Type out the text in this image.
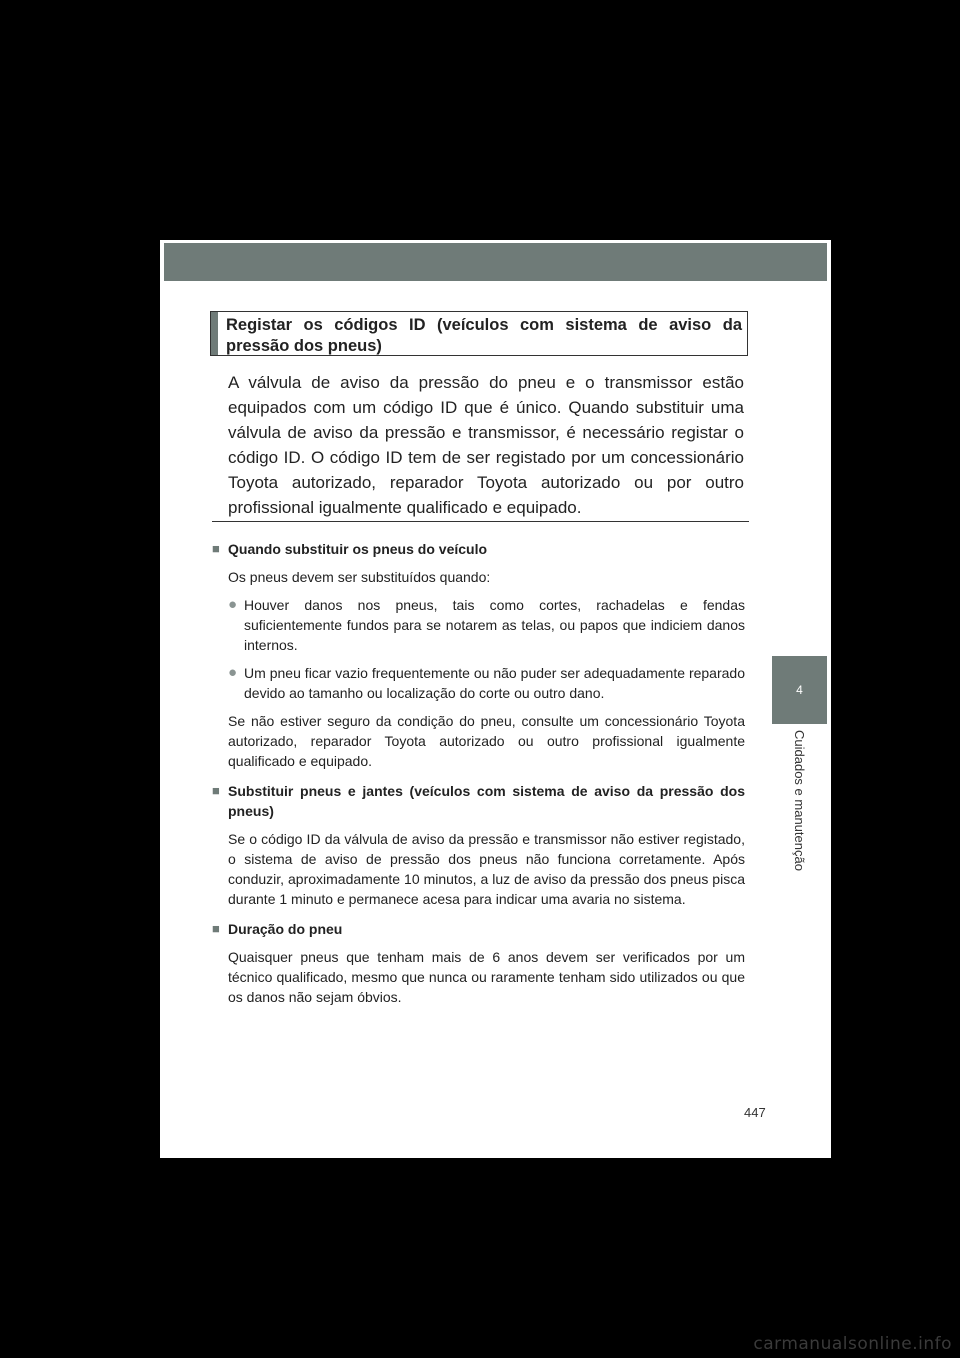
4
Cuidados e manutenção
Registar os códigos ID (veículos com sistema de aviso da pressão dos pneus)
A válvula de aviso da pressão do pneu e o transmissor estão equipados com um código ID que é único. Quando substituir uma válvula de aviso da pressão e transmissor, é necessário registar o código ID. O código ID tem de ser registado por um concessionário Toyota autorizado, reparador Toyota autorizado ou por outro profissional igualmente qualificado e equipado.
■ Quando substituir os pneus do veículo

Os pneus devem ser substituídos quando:

● Houver danos nos pneus, tais como cortes, rachadelas e fendas suficientemente fundos para se notarem as telas, ou papos que indiciem danos internos.
● Um pneu ficar vazio frequentemente ou não puder ser adequadamente reparado devido ao tamanho ou localização do corte ou outro dano.

Se não estiver seguro da condição do pneu, consulte um concessionário Toyota autorizado, reparador Toyota autorizado ou outro profissional igualmente qualificado e equipado.

■ Substituir pneus e jantes (veículos com sistema de aviso da pressão dos pneus)

Se o código ID da válvula de aviso da pressão e transmissor não estiver registado, o sistema de aviso de pressão dos pneus não funciona corretamente. Após conduzir, aproximadamente 10 minutos, a luz de aviso da pressão dos pneus pisca durante 1 minuto e permanece acesa para indicar uma avaria no sistema.

■ Duração do pneu

Quaisquer pneus que tenham mais de 6 anos devem ser verificados por um técnico qualificado, mesmo que nunca ou raramente tenham sido utilizados ou que os danos não sejam óbvios.

447
carmanualsonline.info
